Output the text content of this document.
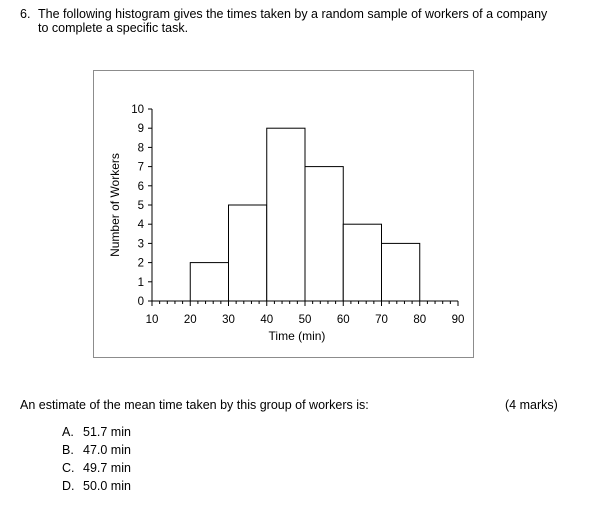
6. The following histogram gives the times taken by a random sample of workers of a company to complete a specific task.
0
1
2
3
4
5
6
7
8
9
10
10 20 30 40 50 60 70 80 90
Time (min)
Number of Workers
An estimate of the mean time taken by this group of workers is:	(4 marks)
A. 51.7 min
B. 47.0 min
C. 49.7 min
D. 50.0 min
